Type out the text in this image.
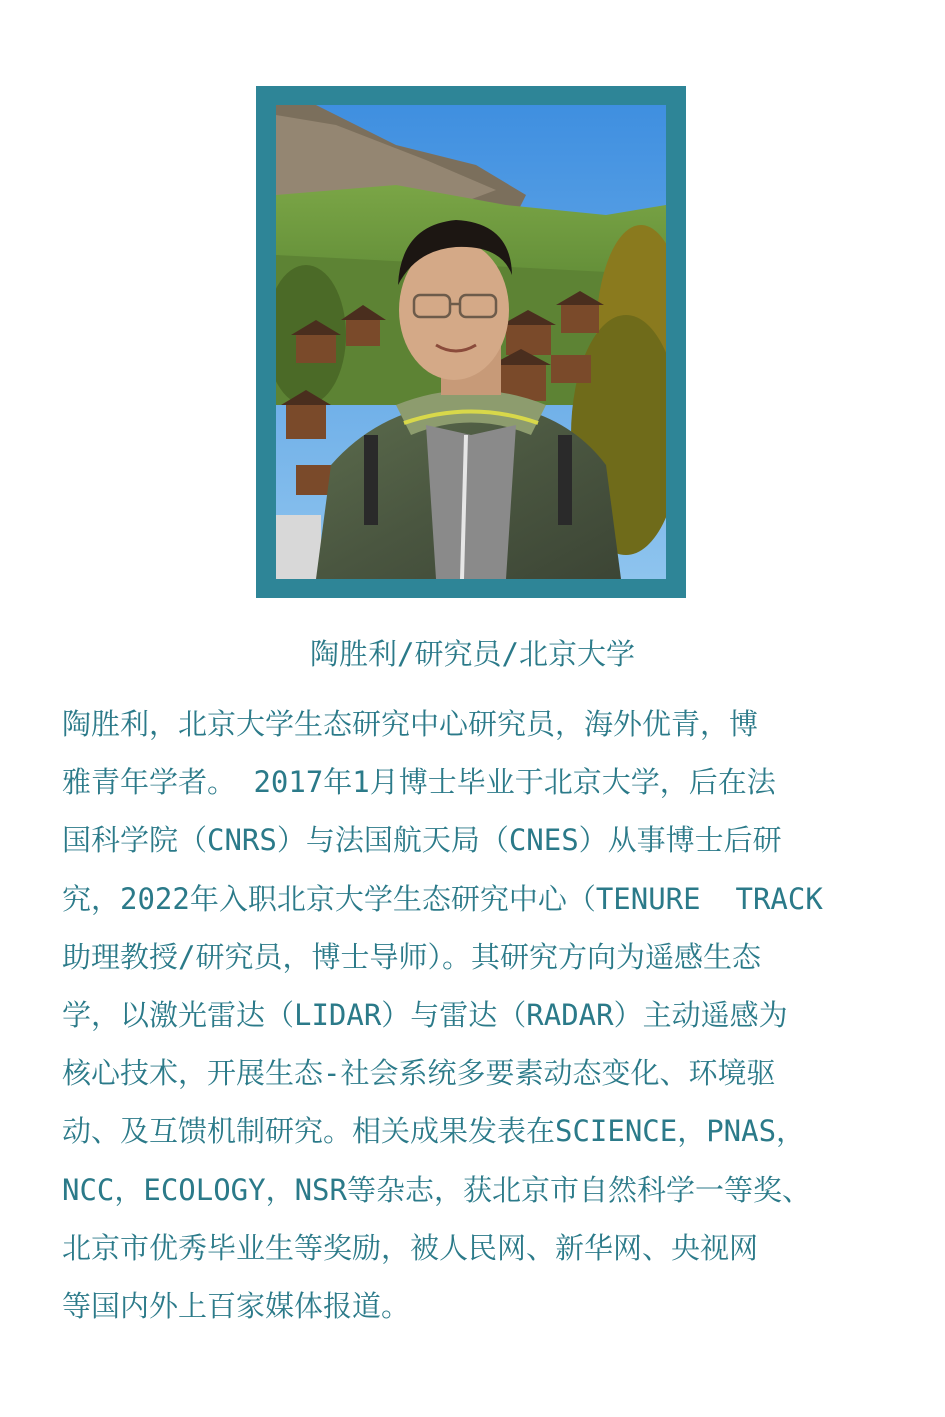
陶胜利/研究员/北京大学
陶胜利，北京大学生态研究中心研究员，海外优青，博
雅青年学者。 2017年1月博士毕业于北京大学，后在法
国科学院（CNRS）与法国航天局（CNES）从事博士后研
究，2022年入职北京大学生态研究中心（TENURE  TRACK
助理教授/研究员，博士导师）。其研究方向为遥感生态
学，以激光雷达（LIDAR）与雷达（RADAR）主动遥感为
核心技术，开展生态-社会系统多要素动态变化、环境驱
动、及互馈机制研究。相关成果发表在SCIENCE，PNAS，
NCC，ECOLOGY，NSR等杂志，获北京市自然科学一等奖、
北京市优秀毕业生等奖励，被人民网、新华网、央视网
等国内外上百家媒体报道。
